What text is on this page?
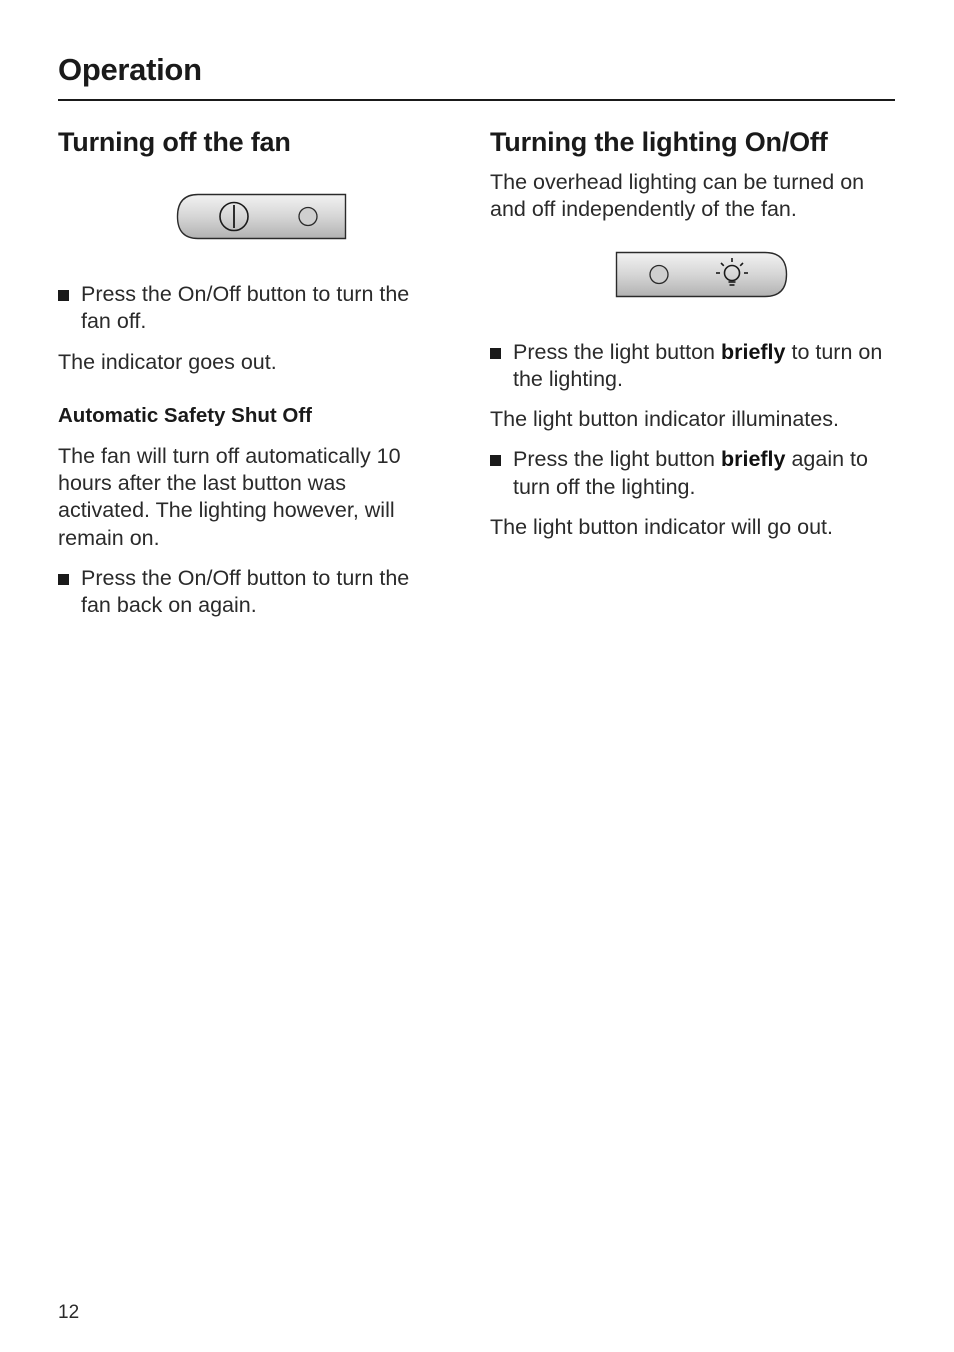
Operation
Turning off the fan
Press the On/Off button to turn the fan off.

The indicator goes out.

Automatic Safety Shut Off

The fan will turn off automatically 10 hours after the last button was activated. The lighting however, will remain on.

Press the On/Off button to turn the fan back on again.
Turning the lighting On/Off

The overhead lighting can be turned on and off independently of the fan.

Press the light button briefly to turn on the lighting.

The light button indicator illuminates.

Press the light button briefly again to turn off the lighting.

The light button indicator will go out.

12
